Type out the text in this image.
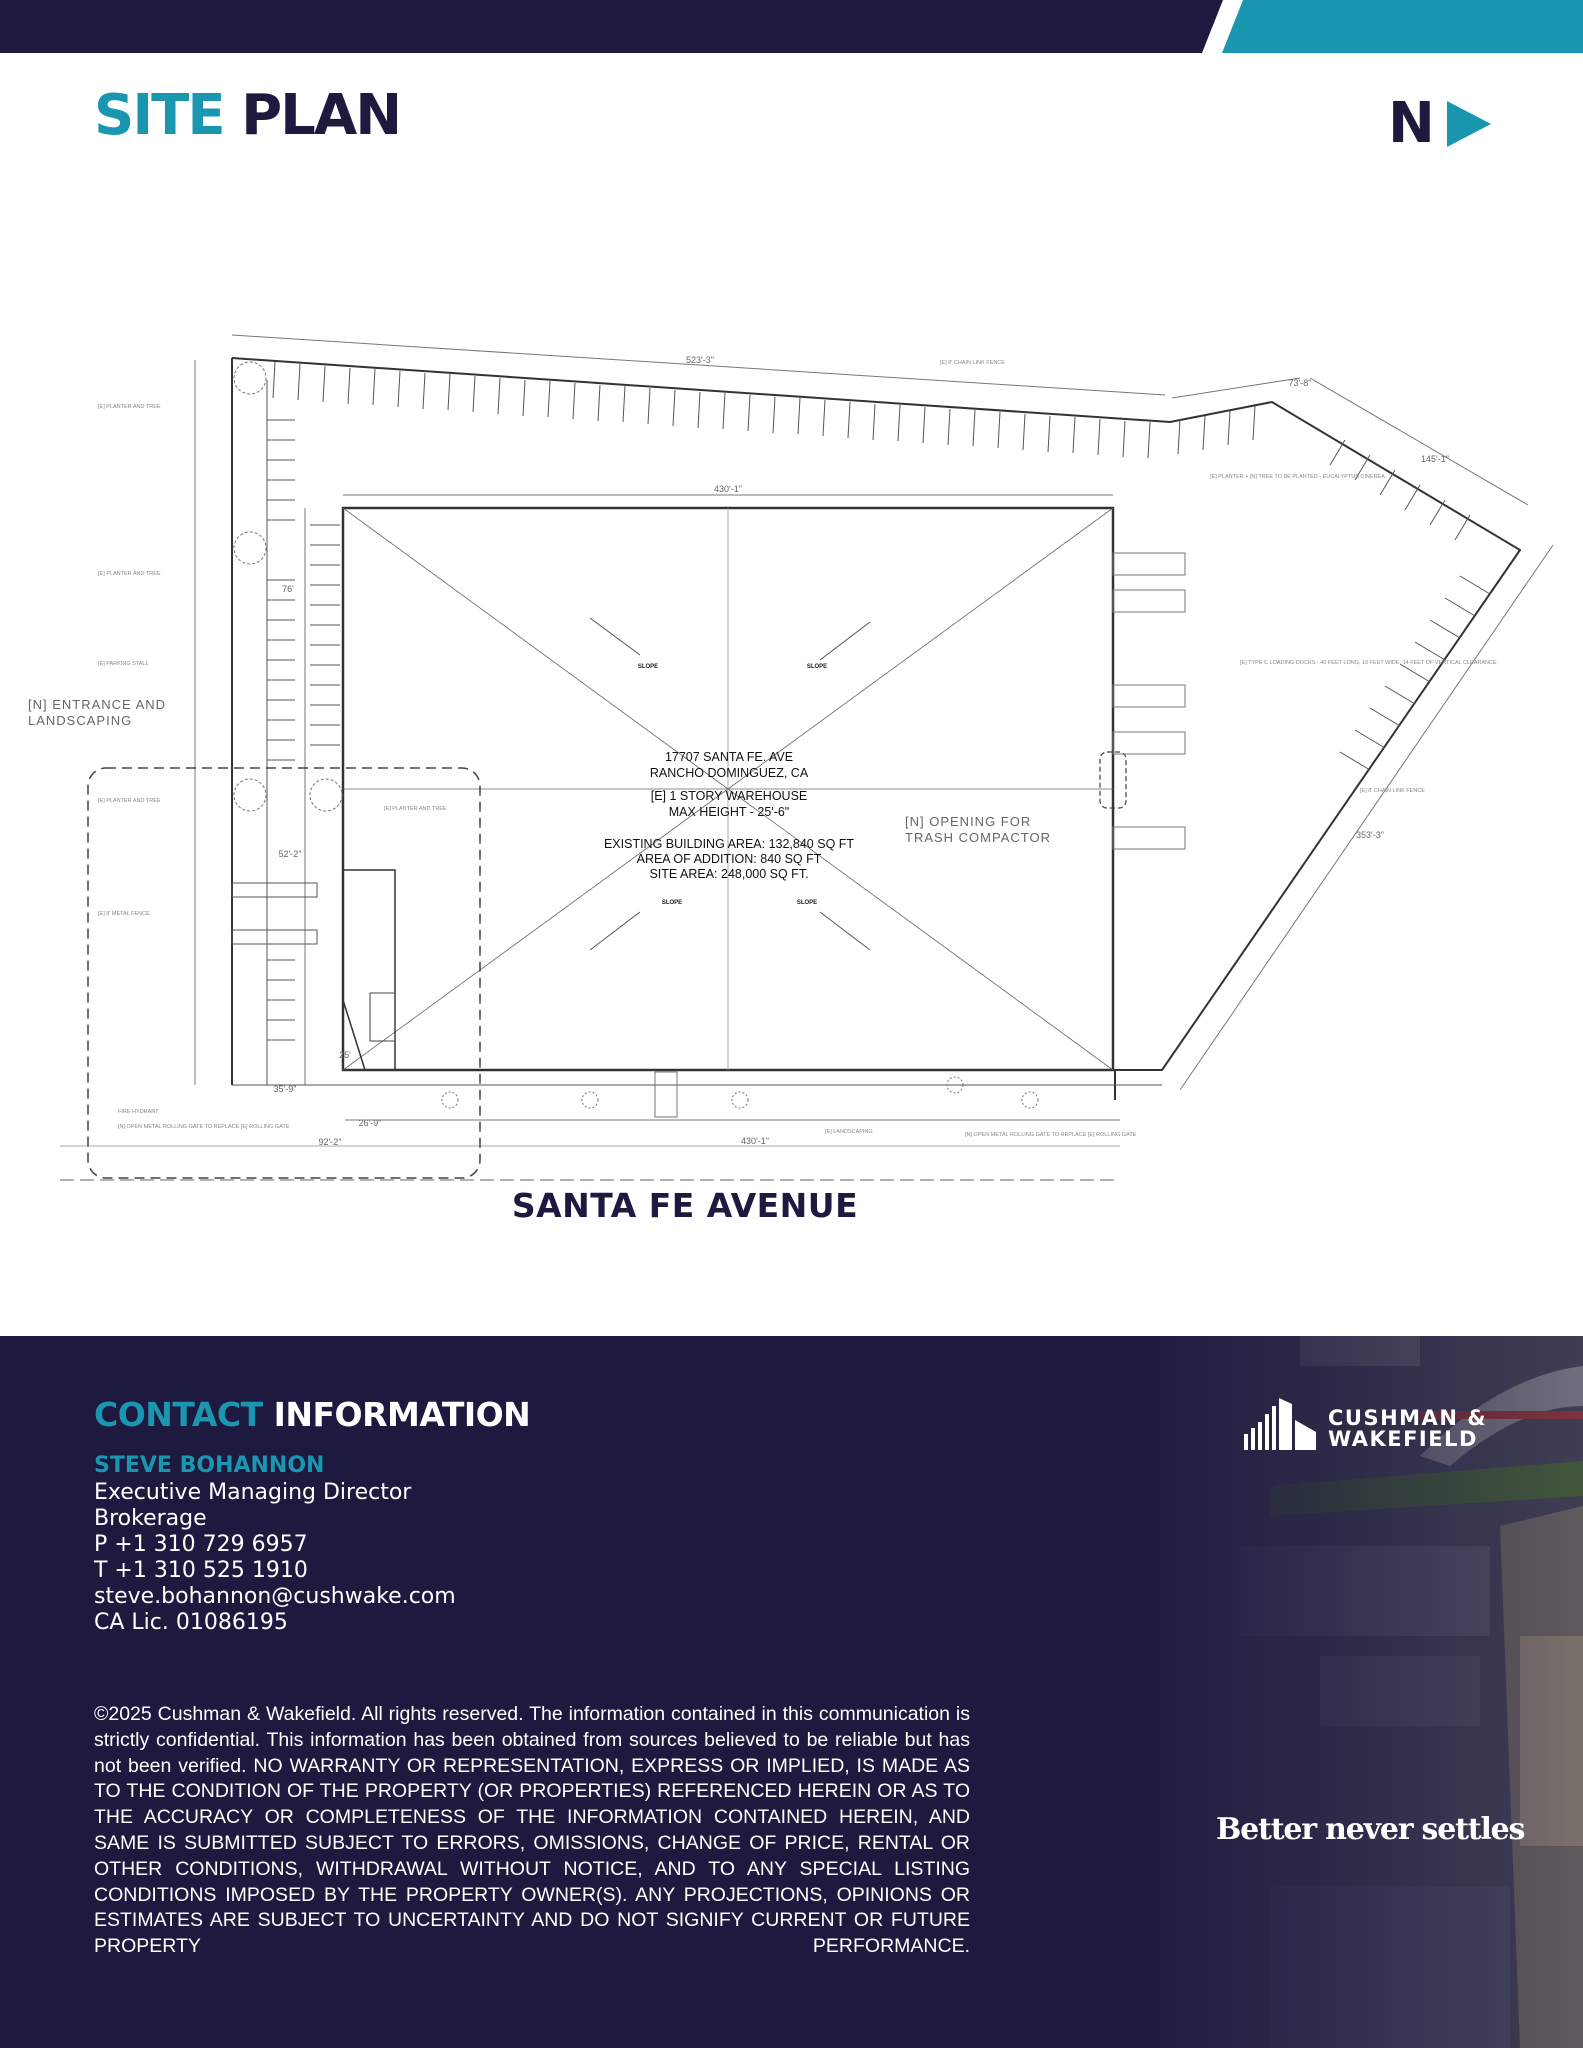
SITE PLAN	N
17707 SANTA FE. AVE
RANCHO DOMINGUEZ, CA
[E] 1 STORY WAREHOUSE
MAX HEIGHT - 25'-6"
EXISTING BUILDING AREA: 132,840 SQ FT
AREA OF ADDITION: 840 SQ FT
SITE AREA: 248,000 SQ FT.
SLOPE	SLOPE
SLOPE	SLOPE
[N] ENTRANCE AND
LANDSCAPING
[N] OPENING FOR
TRASH COMPACTOR
523'-3"
73'-8"
145'-1"
353'-3"
430'-1"
430'-1"
92'-2"
35'-9"
26'-9"
25'
76'
52'-2"
[E] PLANTER AND TREE
[E] PLANTER AND TREE
[E] PARKING STALL
[E] PLANTER AND TREE
[E] PLANTER AND TREE
[E] 8' METAL FENCE
FIRE HYDRANT
[N] OPEN METAL ROLLING GATE TO REPLACE [E] ROLLING GATE
[E] 8' CHAIN LINK FENCE
[E] PLANTER + [N] TREE TO BE PLANTED - EUCALYPTUS CINEREA
[E] TYPE C LOADING DOCKS - 40 FEET LONG, 10 FEET WIDE, 14 FEET OF VERTICAL CLEARANCE
[E] 8' CHAIN LINK FENCE
[E] LANDSCAPING	[N] OPEN METAL ROLLING GATE TO REPLACE [E] ROLLING GATE
SANTA FE AVENUE
CONTACT INFORMATION
STEVE BOHANNON
Executive Managing Director
Brokerage
P +1 310 729 6957
T +1 310 525 1910
steve.bohannon@cushwake.com
CA Lic. 01086195
©2025 Cushman & Wakefield. All rights reserved. The information contained in this communication is strictly confidential. This information has been obtained from sources believed to be reliable but has not been verified. NO WARRANTY OR REPRESENTATION, EXPRESS OR IMPLIED, IS MADE AS TO THE CONDITION OF THE PROPERTY (OR PROPERTIES) REFERENCED HEREIN OR AS TO THE ACCURACY OR COMPLETENESS OF THE INFORMATION CONTAINED HEREIN, AND SAME IS SUBMITTED SUBJECT TO ERRORS, OMISSIONS, CHANGE OF PRICE, RENTAL OR OTHER CONDITIONS, WITHDRAWAL WITHOUT NOTICE, AND TO ANY SPECIAL LISTING CONDITIONS IMPOSED BY THE PROPERTY OWNER(S). ANY PROJECTIONS, OPINIONS OR ESTIMATES ARE SUBJECT TO UNCERTAINTY AND DO NOT SIGNIFY CURRENT OR FUTURE PROPERTY PERFORMANCE.
CUSHMAN &
WAKEFIELD
Better never settles
